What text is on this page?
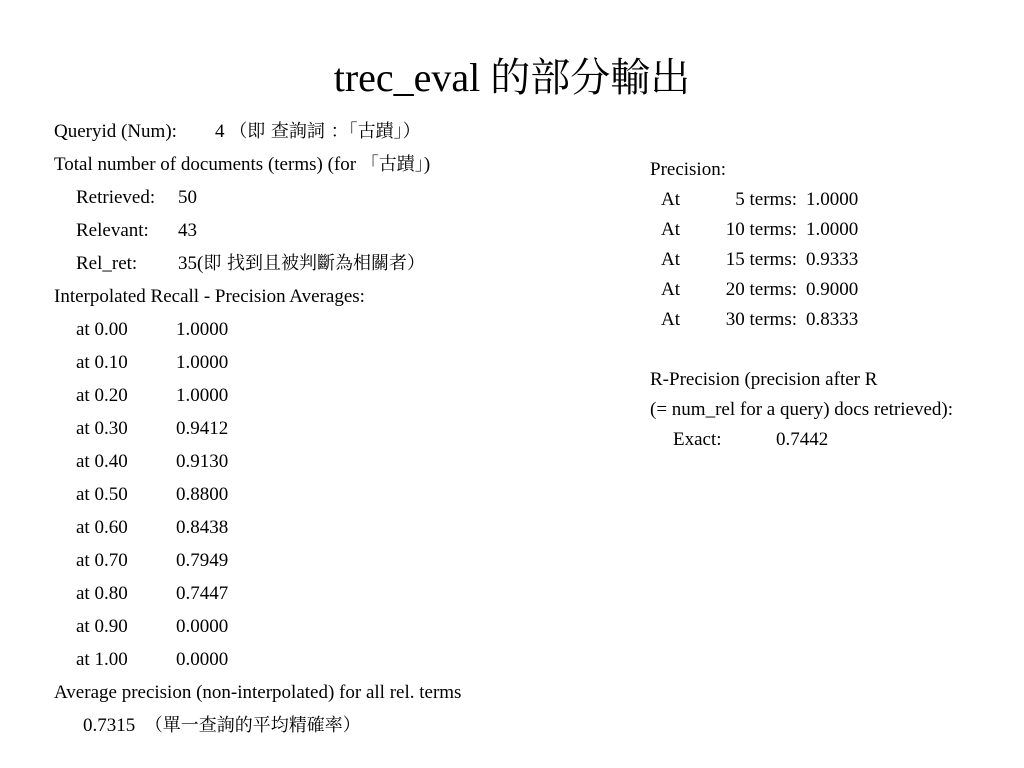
trec_eval 的部分輸出
Queryid (Num): 4 （即 查詢詞 ：「古蹟」）
Total number of documents (terms) (for 「古蹟」)
Retrieved: 50
Relevant: 43
Rel_ret: 35(即 找到且被判斷為相關者）
Interpolated Recall - Precision Averages:
at 0.00	1.0000
at 0.10	1.0000
at 0.20	1.0000
at 0.30	0.9412
at 0.40	0.9130
at 0.50	0.8800
at 0.60	0.8438
at 0.70	0.7949
at 0.80	0.7447
at 0.90	0.0000
at 1.00	0.0000
Average precision (non-interpolated) for all rel. terms
0.7315 （單一查詢的平均精確率）
Precision:
At	5 terms: 1.0000
At 10 terms: 1.0000
At 15 terms: 0.9333
At 20 terms: 0.9000
At 30 terms: 0.8333
R-Precision (precision after R
(= num_rel for a query) docs retrieved):
Exact:	0.7442
